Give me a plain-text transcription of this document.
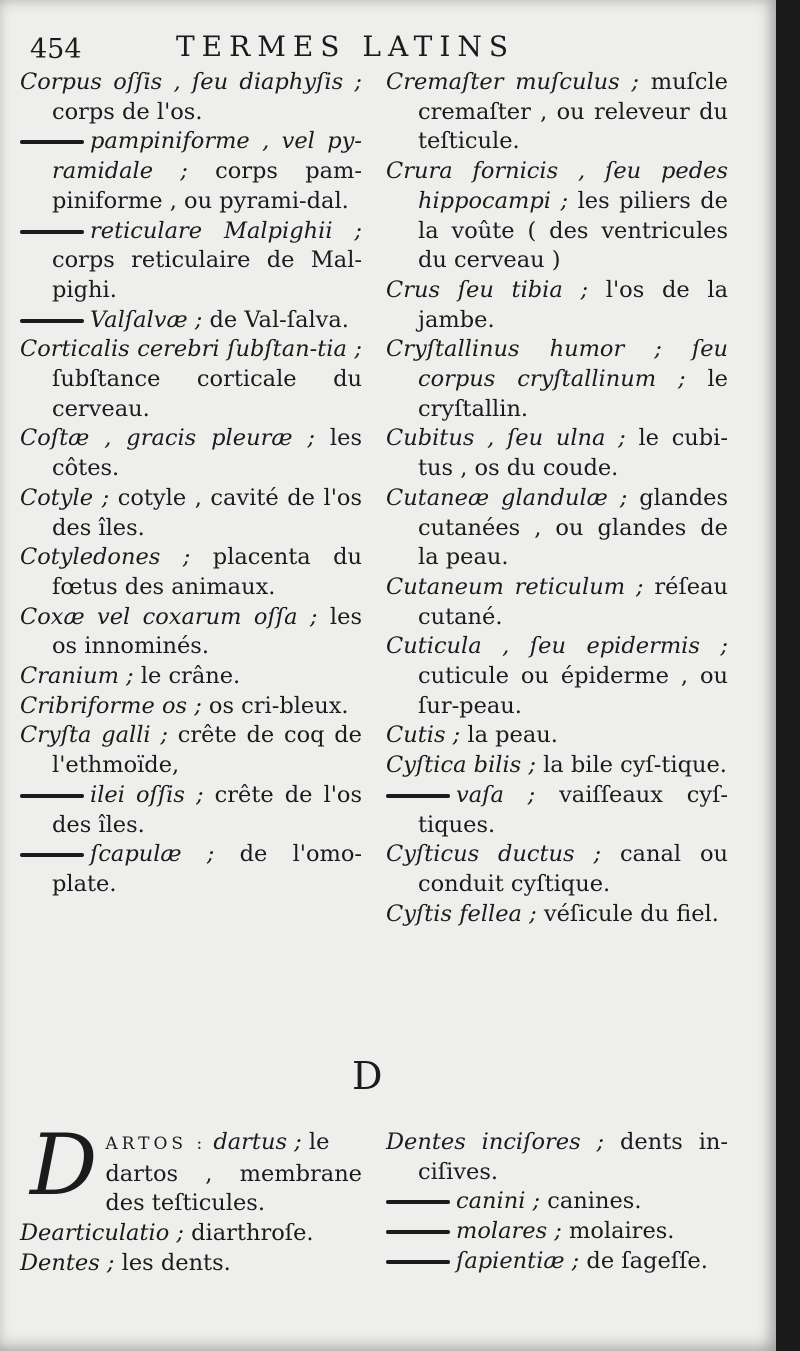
454	TERMES LATINS

Corpus oſſis , ſeu diaphyſis ; corps de l'os.

pampiniforme , vel py-ramidale ; corps pam-piniforme , ou pyrami-dal.

reticulare Malpighii ; corps reticulaire de Mal-pighi.

Valſalvæ ; de Val-ſalva.

Corticalis cerebri ſubſtan-tia ; ſubſtance corticale du cerveau.

Coſtæ , gracis pleuræ ; les côtes.

Cotyle ; cotyle , cavité de l'os des îles.

Cotyledones ; placenta du fœtus des animaux.

Coxæ vel coxarum oſſa ; les os innominés.

Cranium ; le crâne.

Cribriforme os ; os cri-bleux.

Cryſta galli ; crête de coq de l'ethmoïde,

ilei oſſis ; crête de l'os des îles.

ſcapulæ ; de l'omo-plate.

Cremaſter muſculus ; muſcle cremaſter , ou releveur du teſticule.

Crura fornicis , ſeu pedes hippocampi ; les piliers de la voûte ( des ventricules du cerveau )

Crus ſeu tibia ; l'os de la jambe.

Cryſtallinus humor ; ſeu corpus cryſtallinum ; le cryſtallin.

Cubitus , ſeu ulna ; le cubi-tus , os du coude.

Cutaneæ glandulæ ; glandes cutanées , ou glandes de la peau.

Cutaneum reticulum ; réſeau cutané.

Cuticula , ſeu epidermis ; cuticule ou épiderme , ou ſur-peau.

Cutis ; la peau.

Cyſtica bilis ; la bile cyſ-tique.

vaſa ; vaiſſeaux cyſ-tiques.

Cyſticus ductus ; canal ou conduit cyſtique.

Cyſtis fellea ; véſicule du fiel.

D

DARTOS : dartus ; le
dartos , membrane des teſticules.

Dearticulatio ; diarthroſe.

Dentes ; les dents.

Dentes inciſores ; dents in-ciſives.

canini ; canines.

molares ; molaires.

ſapientiæ ; de ſageſſe.
